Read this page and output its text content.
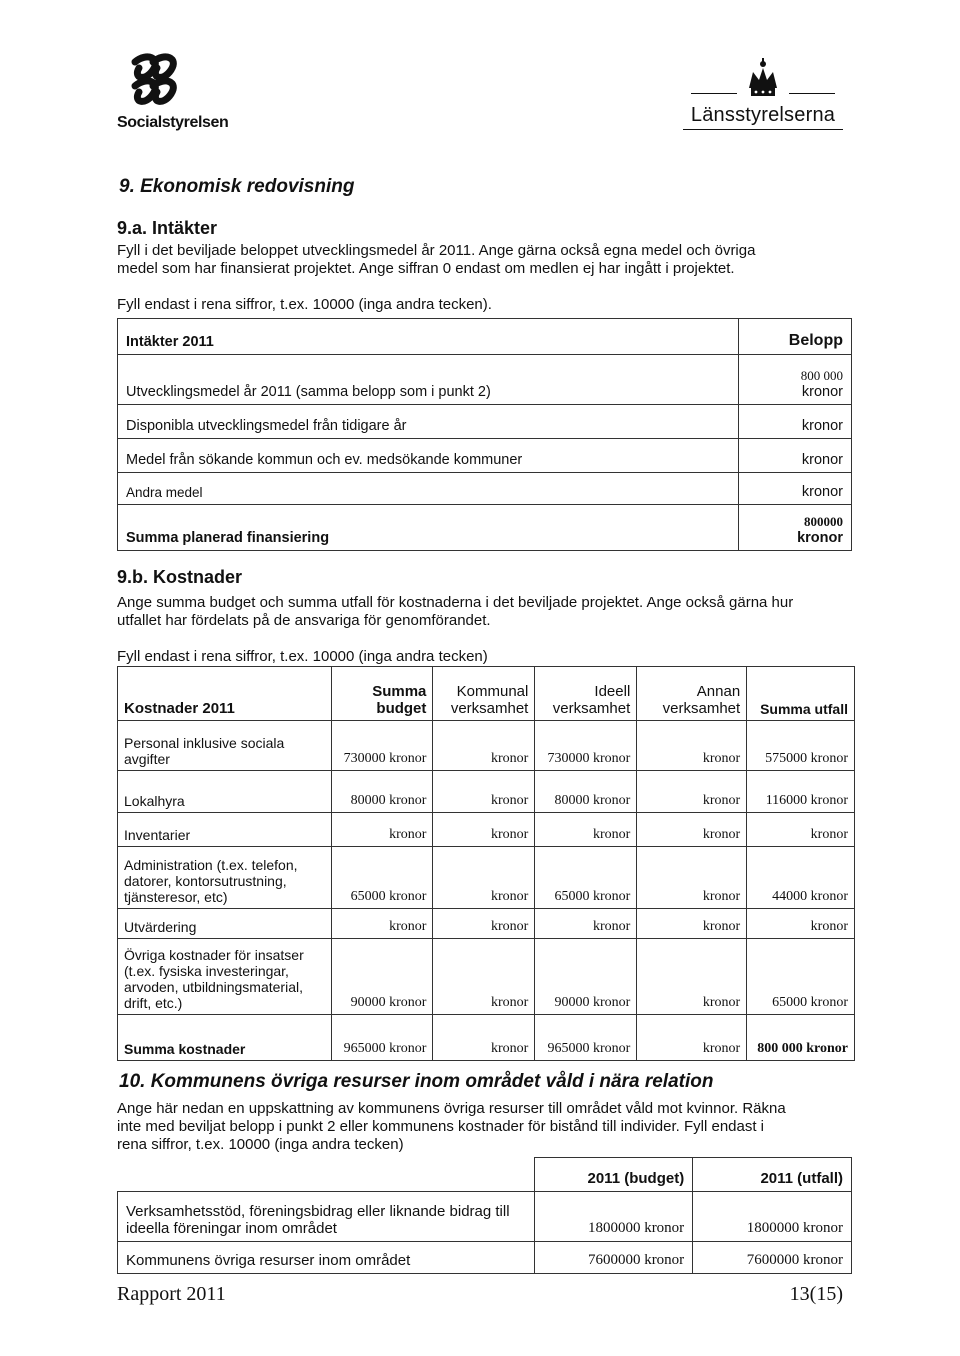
Socialstyrelsen	Länsstyrelserna
9. Ekonomisk redovisning
9.a. Intäkter
Fyll i det beviljade beloppet utvecklingsmedel år 2011. Ange gärna också egna medel och övriga
medel som har finansierat projektet. Ange siffran 0 endast om medlen ej har ingått i projektet.
Fyll endast i rena siffror, t.ex. 10000 (inga andra tecken).
Intäkter 2011	Belopp
Utvecklingsmedel år 2011 (samma belopp som i punkt 2)	800 000
kronor

Disponibla utvecklingsmedel från tidigare år	kronor

Medel från sökande kommun och ev. medsökande kommuner	kronor

Andra medel	kronor

Summa planerad finansiering	800000
kronor
9.b. Kostnader
Ange summa budget och summa utfall för kostnaderna i det beviljade projektet. Ange också gärna hur
utfallet har fördelats på de ansvariga för genomförandet.
Fyll endast i rena siffror, t.ex. 10000 (inga andra tecken)
Kostnader 2011	Summa budget	Kommunal verksamhet	Ideell verksamhet	Annan verksamhet	Summa utfall
Personal inklusive sociala avgifter	730000 kronor	kronor	730000 kronor	kronor	575000 kronor
Lokalhyra	80000 kronor	kronor	80000 kronor	kronor	116000 kronor
Inventarier	kronor	kronor	kronor	kronor	kronor
Administration (t.ex. telefon, datorer, kontorsutrustning, tjänsteresor, etc)	65000 kronor	kronor	65000 kronor	kronor	44000 kronor
Utvärdering	kronor	kronor	kronor	kronor	kronor
Övriga kostnader för insatser (t.ex. fysiska investeringar, arvoden, utbildningsmaterial, drift, etc.)	90000 kronor	kronor	90000 kronor	kronor	65000 kronor
Summa kostnader	965000 kronor	kronor	965000 kronor	kronor	800 000 kronor
10. Kommunens övriga resurser inom området våld i nära relation
Ange här nedan en uppskattning av kommunens övriga resurser till området våld mot kvinnor. Räkna
inte med beviljat belopp i punkt 2 eller kommunens kostnader för bistånd till individer. Fyll endast i
rena siffror, t.ex. 10000 (inga andra tecken)
	2011 (budget)	2011 (utfall)
Verksamhetsstöd, föreningsbidrag eller liknande bidrag till ideella föreningar inom området	1800000 kronor	1800000 kronor
Kommunens övriga resurser inom området	7600000 kronor	7600000 kronor
Rapport 2011	13(15)
